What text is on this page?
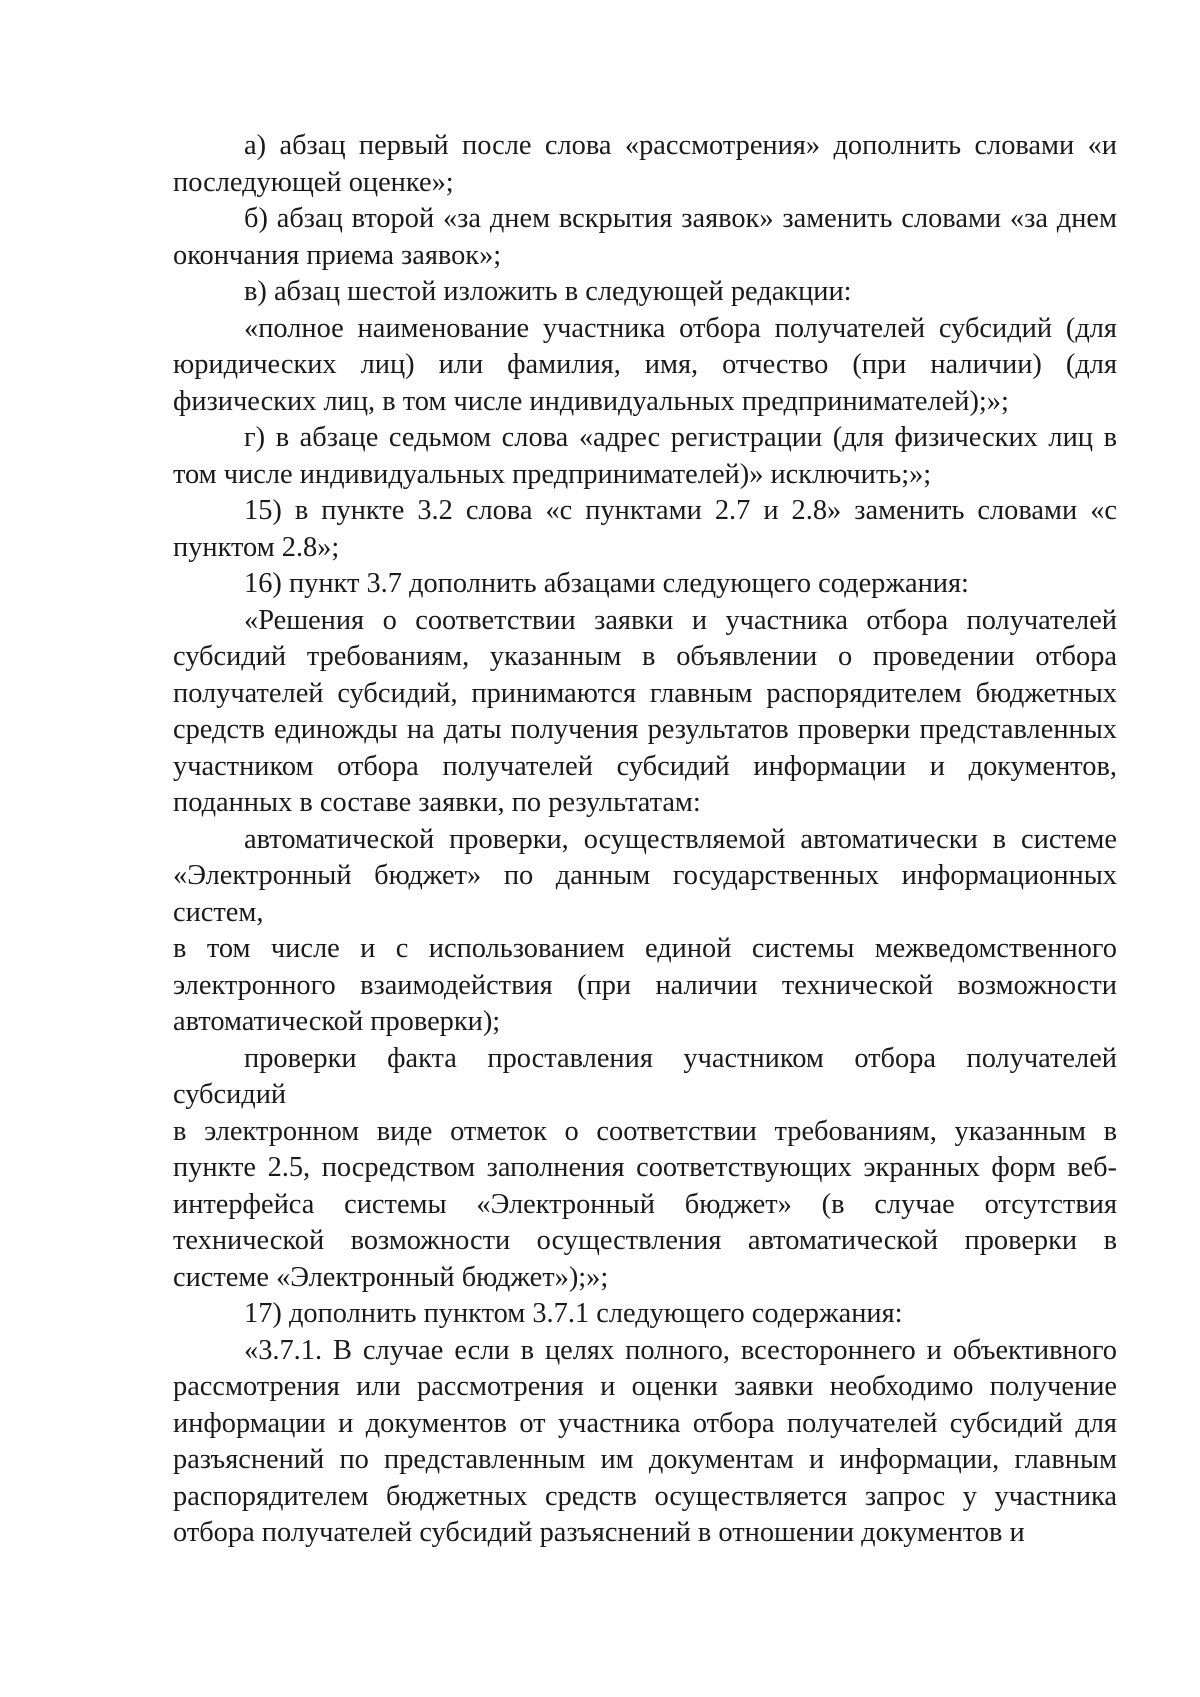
а) абзац первый после слова «рассмотрения» дополнить словами «и последующей оценке»;

б) абзац второй «за днем вскрытия заявок» заменить словами «за днем окончания приема заявок»;

в) абзац шестой изложить в следующей редакции:

«полное наименование участника отбора получателей субсидий (для юридических лиц) или фамилия, имя, отчество (при наличии) (для физических лиц, в том числе индивидуальных предпринимателей);»;

г) в абзаце седьмом слова «адрес регистрации (для физических лиц в том числе индивидуальных предпринимателей)» исключить;»;

15) в пункте 3.2 слова «с пунктами 2.7 и 2.8» заменить словами «с пунктом 2.8»;

16) пункт 3.7 дополнить абзацами следующего содержания:

«Решения о соответствии заявки и участника отбора получателей субсидий требованиям, указанным в объявлении о проведении отбора получателей субсидий, принимаются главным распорядителем бюджетных средств единожды на даты получения результатов проверки представленных участником отбора получателей субсидий информации и документов, поданных в составе заявки, по результатам:

автоматической проверки, осуществляемой автоматически в системе «Электронный бюджет» по данным государственных информационных систем,

в том числе и с использованием единой системы межведомственного электронного взаимодействия (при наличии технической возможности автоматической проверки);

проверки факта проставления участником отбора получателей субсидий

в электронном виде отметок о соответствии требованиям, указанным в пункте 2.5, посредством заполнения соответствующих экранных форм веб-интерфейса системы «Электронный бюджет» (в случае отсутствия технической возможности осуществления автоматической проверки в системе «Электронный бюджет»);»;

17) дополнить пунктом 3.7.1 следующего содержания:

«3.7.1. В случае если в целях полного, всестороннего и объективного рассмотрения или рассмотрения и оценки заявки необходимо получение информации и документов от участника отбора получателей субсидий для разъяснений по представленным им документам и информации, главным распорядителем бюджетных средств осуществляется запрос у участника отбора получателей субсидий разъяснений в отношении документов и
